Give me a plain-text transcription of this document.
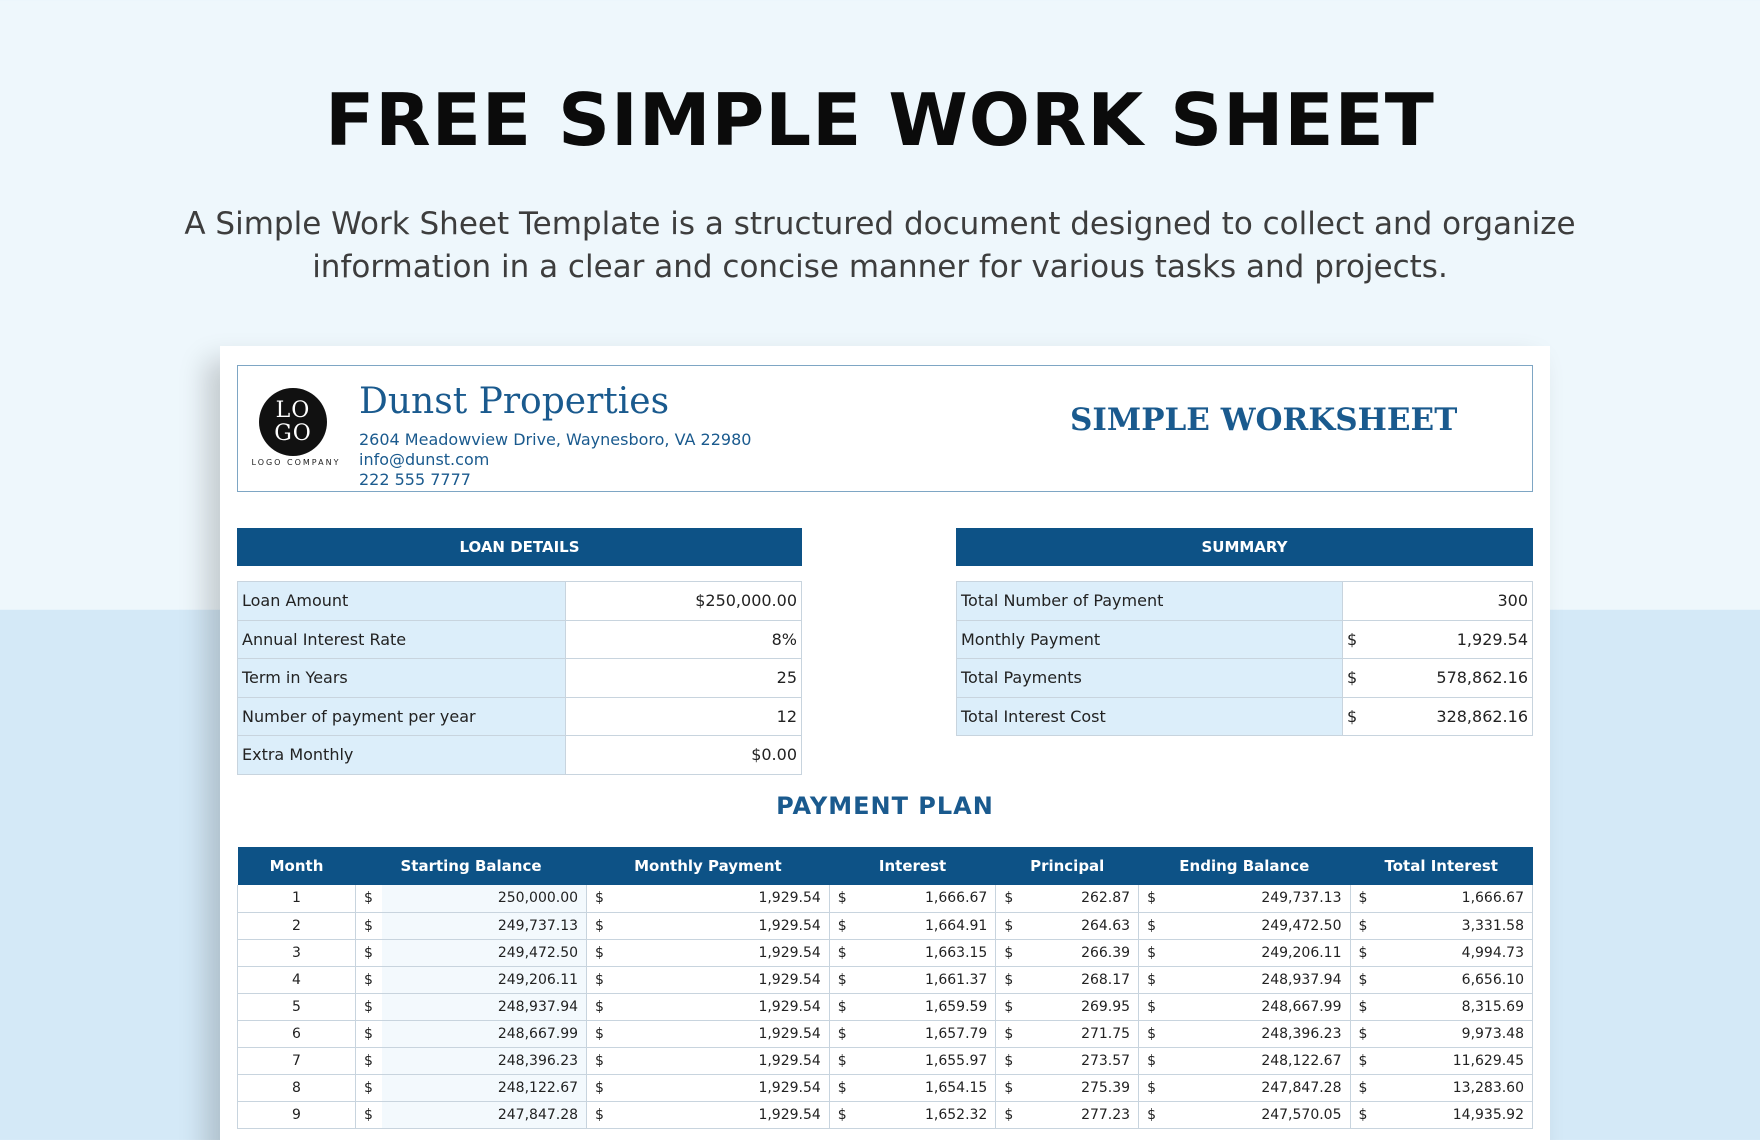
FREE SIMPLE WORK SHEET
A Simple Work Sheet Template is a structured document designed to collect and organize information in a clear and concise manner for various tasks and projects.
LO
GO
LOGO COMPANY
Dunst Properties
2604 Meadowview Drive, Waynesboro, VA 22980
info@dunst.com
222 555 7777
SIMPLE WORKSHEET
LOAN DETAILS
Loan Amount	$250,000.00
Annual Interest Rate	8%
Term in Years	25
Number of payment per year	12
Extra Monthly	$0.00
SUMMARY
Total Number of Payment		300
Monthly Payment	$	1,929.54
Total Payments	$	578,862.16
Total Interest Cost	$	328,862.16
PAYMENT PLAN
Month	Starting Balance		Monthly Payment		Interest		Principal		Ending Balance		Total Interest	
1	$	250,000.00	$	1,929.54	$	1,666.67	$	262.87	$	249,737.13	$	1,666.67
2	$	249,737.13	$	1,929.54	$	1,664.91	$	264.63	$	249,472.50	$	3,331.58
3	$	249,472.50	$	1,929.54	$	1,663.15	$	266.39	$	249,206.11	$	4,994.73
4	$	249,206.11	$	1,929.54	$	1,661.37	$	268.17	$	248,937.94	$	6,656.10
5	$	248,937.94	$	1,929.54	$	1,659.59	$	269.95	$	248,667.99	$	8,315.69
6	$	248,667.99	$	1,929.54	$	1,657.79	$	271.75	$	248,396.23	$	9,973.48
7	$	248,396.23	$	1,929.54	$	1,655.97	$	273.57	$	248,122.67	$	11,629.45
8	$	248,122.67	$	1,929.54	$	1,654.15	$	275.39	$	247,847.28	$	13,283.60
9	$	247,847.28	$	1,929.54	$	1,652.32	$	277.23	$	247,570.05	$	14,935.92
